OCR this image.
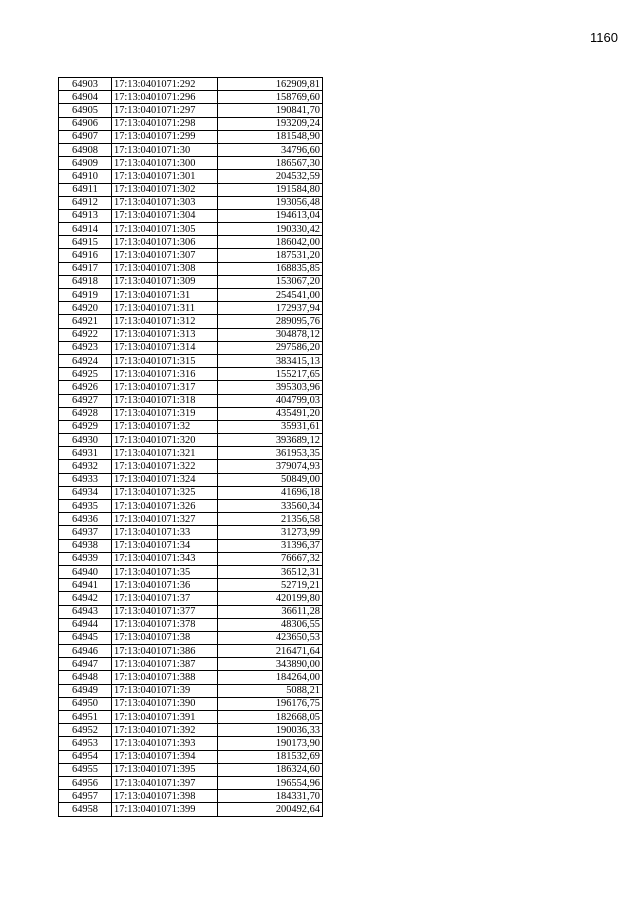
1160
64903	17:13:0401071:292	162909,81
64904	17:13:0401071:296	158769,60
64905	17:13:0401071:297	190841,70
64906	17:13:0401071:298	193209,24
64907	17:13:0401071:299	181548,90
64908	17:13:0401071:30	34796,60
64909	17:13:0401071:300	186567,30
64910	17:13:0401071:301	204532,59
64911	17:13:0401071:302	191584,80
64912	17:13:0401071:303	193056,48
64913	17:13:0401071:304	194613,04
64914	17:13:0401071:305	190330,42
64915	17:13:0401071:306	186042,00
64916	17:13:0401071:307	187531,20
64917	17:13:0401071:308	168835,85
64918	17:13:0401071:309	153067,20
64919	17:13:0401071:31	254541,00
64920	17:13:0401071:311	172937,94
64921	17:13:0401071:312	289095,76
64922	17:13:0401071:313	304878,12
64923	17:13:0401071:314	297586,20
64924	17:13:0401071:315	383415,13
64925	17:13:0401071:316	155217,65
64926	17:13:0401071:317	395303,96
64927	17:13:0401071:318	404799,03
64928	17:13:0401071:319	435491,20
64929	17:13:0401071:32	35931,61
64930	17:13:0401071:320	393689,12
64931	17:13:0401071:321	361953,35
64932	17:13:0401071:322	379074,93
64933	17:13:0401071:324	50849,00
64934	17:13:0401071:325	41696,18
64935	17:13:0401071:326	33560,34
64936	17:13:0401071:327	21356,58
64937	17:13:0401071:33	31273,99
64938	17:13:0401071:34	31396,37
64939	17:13:0401071:343	76667,32
64940	17:13:0401071:35	36512,31
64941	17:13:0401071:36	52719,21
64942	17:13:0401071:37	420199,80
64943	17:13:0401071:377	36611,28
64944	17:13:0401071:378	48306,55
64945	17:13:0401071:38	423650,53
64946	17:13:0401071:386	216471,64
64947	17:13:0401071:387	343890,00
64948	17:13:0401071:388	184264,00
64949	17:13:0401071:39	5088,21
64950	17:13:0401071:390	196176,75
64951	17:13:0401071:391	182668,05
64952	17:13:0401071:392	190036,33
64953	17:13:0401071:393	190173,90
64954	17:13:0401071:394	181532,69
64955	17:13:0401071:395	186324,60
64956	17:13:0401071:397	196554,96
64957	17:13:0401071:398	184331,70
64958	17:13:0401071:399	200492,64
